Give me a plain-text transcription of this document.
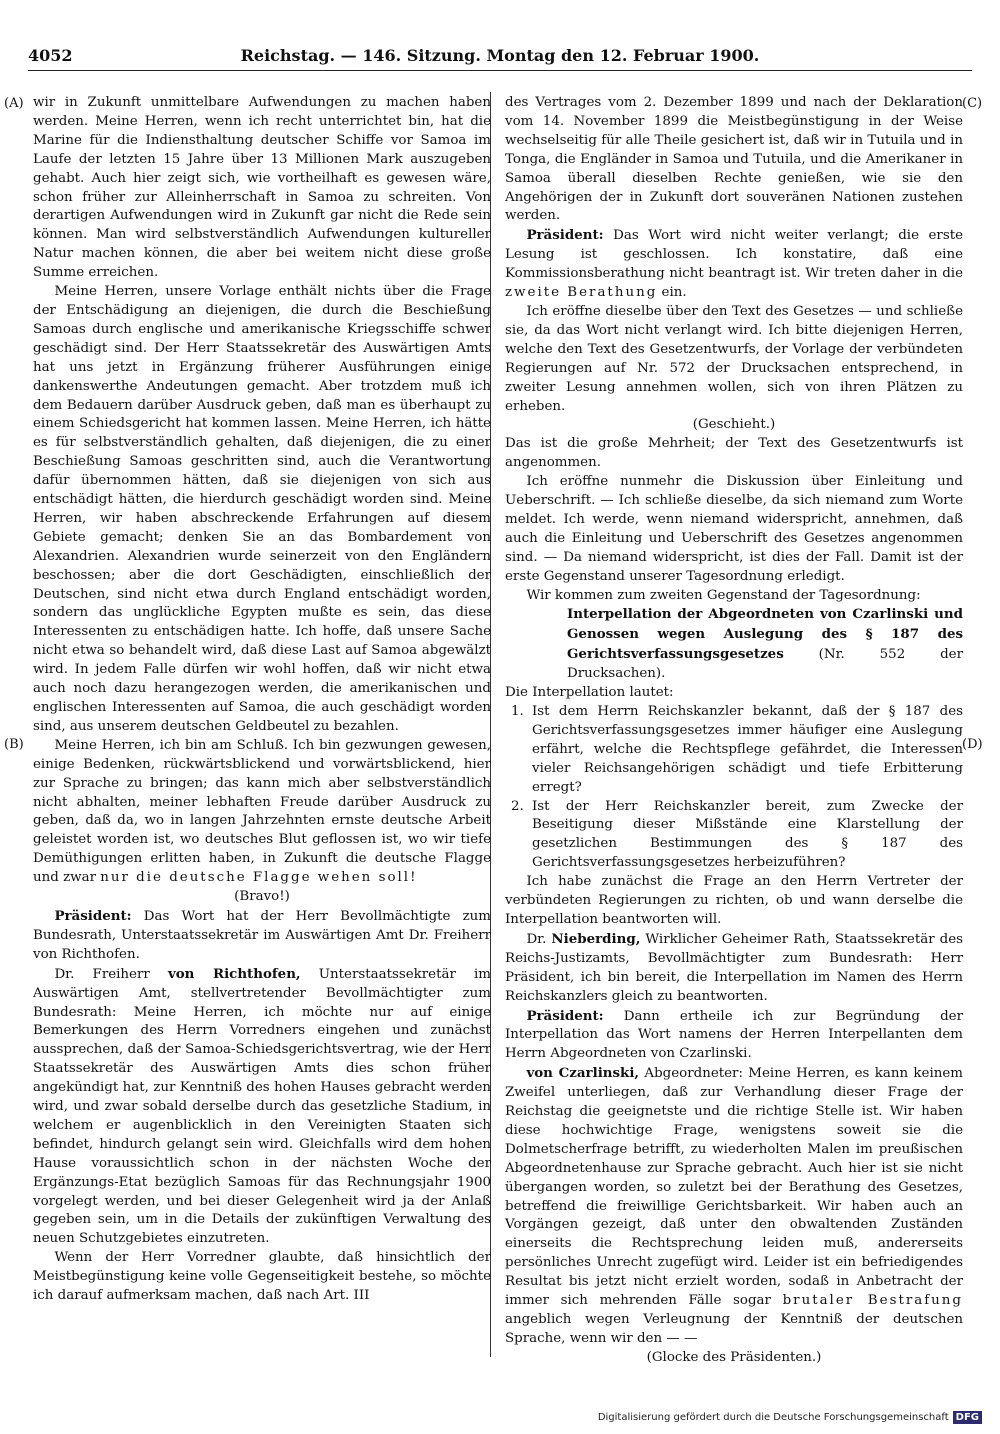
4052	Reichstag. — 146. Sitzung. Montag den 12. Februar 1900.
(A)
(B)
(C)
(D)

wir in Zukunft unmittelbare Aufwendungen zu machen haben werden. Meine Herren, wenn ich recht unterrichtet bin, hat die Marine für die Indiensthaltung deutscher Schiffe vor Samoa im Laufe der letzten 15 Jahre über 13 Millionen Mark auszugeben gehabt. Auch hier zeigt sich, wie vortheilhaft es gewesen wäre, schon früher zur Alleinherrschaft in Samoa zu schreiten. Von derartigen Aufwendungen wird in Zukunft gar nicht die Rede sein können. Man wird selbstverständlich Aufwendungen kultureller Natur machen können, die aber bei weitem nicht diese große Summe erreichen.

Meine Herren, unsere Vorlage enthält nichts über die Frage der Entschädigung an diejenigen, die durch die Beschießung Samoas durch englische und amerikanische Kriegsschiffe schwer geschädigt sind. Der Herr Staatssekretär des Auswärtigen Amts hat uns jetzt in Ergänzung früherer Ausführungen einige dankenswerthe Andeutungen gemacht. Aber trotzdem muß ich dem Bedauern darüber Ausdruck geben, daß man es überhaupt zu einem Schiedsgericht hat kommen lassen. Meine Herren, ich hätte es für selbstverständlich gehalten, daß diejenigen, die zu einer Beschießung Samoas geschritten sind, auch die Verantwortung dafür übernommen hätten, daß sie diejenigen von sich aus entschädigt hätten, die hierdurch geschädigt worden sind. Meine Herren, wir haben abschreckende Erfahrungen auf diesem Gebiete gemacht; denken Sie an das Bombardement von Alexandrien. Alexandrien wurde seinerzeit von den Engländern beschossen; aber die dort Geschädigten, einschließlich der Deutschen, sind nicht etwa durch England entschädigt worden, sondern das unglückliche Egypten mußte es sein, das diese Interessenten zu entschädigen hatte. Ich hoffe, daß unsere Sache nicht etwa so behandelt wird, daß diese Last auf Samoa abgewälzt wird. In jedem Falle dürfen wir wohl hoffen, daß wir nicht etwa auch noch dazu herangezogen werden, die amerikanischen und englischen Interessenten auf Samoa, die auch geschädigt worden sind, aus unserem deutschen Geldbeutel zu bezahlen.

Meine Herren, ich bin am Schluß. Ich bin gezwungen gewesen, einige Bedenken, rückwärtsblickend und vorwärtsblickend, hier zur Sprache zu bringen; das kann mich aber selbstverständlich nicht abhalten, meiner lebhaften Freude darüber Ausdruck zu geben, daß da, wo in langen Jahrzehnten ernste deutsche Arbeit geleistet worden ist, wo deutsches Blut geflossen ist, wo wir tiefe Demüthigungen erlitten haben, in Zukunft die deutsche Flagge und zwar nur die deutsche Flagge wehen soll!

(Bravo!)

Präsident: Das Wort hat der Herr Bevollmächtigte zum Bundesrath, Unterstaatssekretär im Auswärtigen Amt Dr. Freiherr von Richthofen.

Dr. Freiherr von Richthofen, Unterstaatssekretär im Auswärtigen Amt, stellvertretender Bevollmächtigter zum Bundesrath: Meine Herren, ich möchte nur auf einige Bemerkungen des Herrn Vorredners eingehen und zunächst aussprechen, daß der Samoa-Schiedsgerichtsvertrag, wie der Herr Staatssekretär des Auswärtigen Amts dies schon früher angekündigt hat, zur Kenntniß des hohen Hauses gebracht werden wird, und zwar sobald derselbe durch das gesetzliche Stadium, in welchem er augenblicklich in den Vereinigten Staaten sich befindet, hindurch gelangt sein wird. Gleichfalls wird dem hohen Hause voraussichtlich schon in der nächsten Woche der Ergänzungs-Etat bezüglich Samoas für das Rechnungsjahr 1900 vorgelegt werden, und bei dieser Gelegenheit wird ja der Anlaß gegeben sein, um in die Details der zukünftigen Verwaltung des neuen Schutzgebietes einzutreten.

Wenn der Herr Vorredner glaubte, daß hinsichtlich der Meistbegünstigung keine volle Gegenseitigkeit bestehe, so möchte ich darauf aufmerksam machen, daß nach Art. III

des Vertrages vom 2. Dezember 1899 und nach der Deklaration vom 14. November 1899 die Meistbegünstigung in der Weise wechselseitig für alle Theile gesichert ist, daß wir in Tutuila und in Tonga, die Engländer in Samoa und Tutuila, und die Amerikaner in Samoa überall dieselben Rechte genießen, wie sie den Angehörigen der in Zukunft dort souveränen Nationen zustehen werden.

Präsident: Das Wort wird nicht weiter verlangt; die erste Lesung ist geschlossen. Ich konstatire, daß eine Kommissionsberathung nicht beantragt ist. Wir treten daher in die zweite Berathung ein.

Ich eröffne dieselbe über den Text des Gesetzes — und schließe sie, da das Wort nicht verlangt wird. Ich bitte diejenigen Herren, welche den Text des Gesetzentwurfs, der Vorlage der verbündeten Regierungen auf Nr. 572 der Drucksachen entsprechend, in zweiter Lesung annehmen wollen, sich von ihren Plätzen zu erheben.

(Geschieht.)

Das ist die große Mehrheit; der Text des Gesetzentwurfs ist angenommen.

Ich eröffne nunmehr die Diskussion über Einleitung und Ueberschrift. — Ich schließe dieselbe, da sich niemand zum Worte meldet. Ich werde, wenn niemand widerspricht, annehmen, daß auch die Einleitung und Ueberschrift des Gesetzes angenommen sind. — Da niemand widerspricht, ist dies der Fall. Damit ist der erste Gegenstand unserer Tagesordnung erledigt.

Wir kommen zum zweiten Gegenstand der Tagesordnung:

Interpellation der Abgeordneten von Czarlinski und Genossen wegen Auslegung des § 187 des Gerichtsverfassungsgesetzes (Nr. 552 der Drucksachen).

Die Interpellation lautet:

1. Ist dem Herrn Reichskanzler bekannt, daß der § 187 des Gerichtsverfassungsgesetzes immer häufiger eine Auslegung erfährt, welche die Rechtspflege gefährdet, die Interessen vieler Reichsangehörigen schädigt und tiefe Erbitterung erregt?
2. Ist der Herr Reichskanzler bereit, zum Zwecke der Beseitigung dieser Mißstände eine Klarstellung der gesetzlichen Bestimmungen des § 187 des Gerichtsverfassungsgesetzes herbeizuführen?

Ich habe zunächst die Frage an den Herrn Vertreter der verbündeten Regierungen zu richten, ob und wann derselbe die Interpellation beantworten will.

Dr. Nieberding, Wirklicher Geheimer Rath, Staatssekretär des Reichs-Justizamts, Bevollmächtigter zum Bundesrath: Herr Präsident, ich bin bereit, die Interpellation im Namen des Herrn Reichskanzlers gleich zu beantworten.

Präsident: Dann ertheile ich zur Begründung der Interpellation das Wort namens der Herren Interpellanten dem Herrn Abgeordneten von Czarlinski.

von Czarlinski, Abgeordneter: Meine Herren, es kann keinem Zweifel unterliegen, daß zur Verhandlung dieser Frage der Reichstag die geeignetste und die richtige Stelle ist. Wir haben diese hochwichtige Frage, wenigstens soweit sie die Dolmetscherfrage betrifft, zu wiederholten Malen im preußischen Abgeordnetenhause zur Sprache gebracht. Auch hier ist sie nicht übergangen worden, so zuletzt bei der Berathung des Gesetzes, betreffend die freiwillige Gerichtsbarkeit. Wir haben auch an Vorgängen gezeigt, daß unter den obwaltenden Zuständen einerseits die Rechtsprechung leiden muß, andererseits persönliches Unrecht zugefügt wird. Leider ist ein befriedigendes Resultat bis jetzt nicht erzielt worden, sodaß in Anbetracht der immer sich mehrenden Fälle sogar brutaler Bestrafung angeblich wegen Verleugnung der Kenntniß der deutschen Sprache, wenn wir den — —

(Glocke des Präsidenten.)

Digitalisierung gefördert durch die Deutsche Forschungsgemeinschaft DFG
